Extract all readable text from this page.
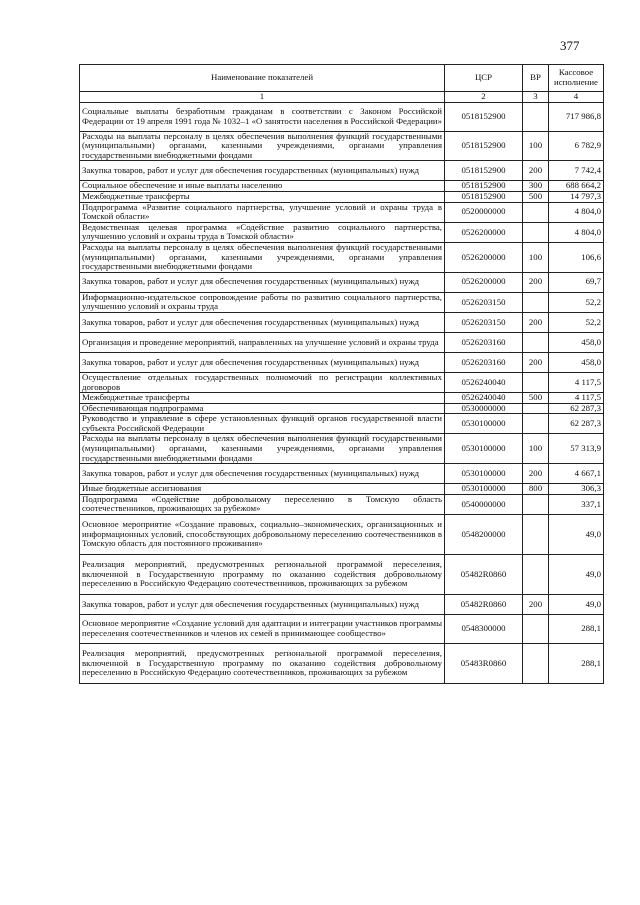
377
Наименование показателей	ЦСР	ВР	Кассовое исполнение
1	2	3	4
Социальные выплаты безработным гражданам в соответствии с Законом Российской Федерации от 19 апреля 1991 года № 1032–1 «О занятости населения в Российской Федерации»	0518152900		717 986,8
Расходы на выплаты персоналу в целях обеспечения выполнения функций государственными (муниципальными) органами, казенными учреждениями, органами управления государственными внебюджетными фондами	0518152900	100	6 782,9
Закупка товаров, работ и услуг для обеспечения государственных (муниципальных) нужд	0518152900	200	7 742,4
Социальное обеспечение и иные выплаты населению	0518152900	300	688 664,2
Межбюджетные трансферты	0518152900	500	14 797,3
Подпрограмма «Развитие социального партнерства, улучшение условий и охраны труда в Томской области»	0520000000		4 804,0
Ведомственная целевая программа «Содействие развитию социального партнерства, улучшению условий и охраны труда в Томской области»	0526200000		4 804,0
Расходы на выплаты персоналу в целях обеспечения выполнения функций государственными (муниципальными) органами, казенными учреждениями, органами управления государственными внебюджетными фондами	0526200000	100	106,6
Закупка товаров, работ и услуг для обеспечения государственных (муниципальных) нужд	0526200000	200	69,7
Информационно-издательское сопровождение работы по развитию социального партнерства, улучшению условий и охраны труда	0526203150		52,2
Закупка товаров, работ и услуг для обеспечения государственных (муниципальных) нужд	0526203150	200	52,2
Организация и проведение мероприятий, направленных на улучшение условий и охраны труда	0526203160		458,0
Закупка товаров, работ и услуг для обеспечения государственных (муниципальных) нужд	0526203160	200	458,0
Осуществление отдельных государственных полномочий по регистрации коллективных договоров	0526240040		4 117,5
Межбюджетные трансферты	0526240040	500	4 117,5
Обеспечивающая подпрограмма	0530000000		62 287,3
Руководство и управление в сфере установленных функций органов государственной власти субъекта Российской Федерации	0530100000		62 287,3
Расходы на выплаты персоналу в целях обеспечения выполнения функций государственными (муниципальными) органами, казенными учреждениями, органами управления государственными внебюджетными фондами	0530100000	100	57 313,9
Закупка товаров, работ и услуг для обеспечения государственных (муниципальных) нужд	0530100000	200	4 667,1
Иные бюджетные ассигнования	0530100000	800	306,3
Подпрограмма «Содействие добровольному переселению в Томскую область соотечественников, проживающих за рубежом»	0540000000		337,1
Основное мероприятие «Создание правовых, социально–экономических, организационных и информационных условий, способствующих добровольному переселению соотечественников в Томскую область для постоянного проживания»	0548200000		49,0
Реализация мероприятий, предусмотренных региональной программой переселения, включенной в Государственную программу по оказанию содействия добровольному переселению в Российскую Федерацию соотечественников, проживающих за рубежом	05482R0860		49,0
Закупка товаров, работ и услуг для обеспечения государственных (муниципальных) нужд	05482R0860	200	49,0
Основное мероприятие «Создание условий для адаптации и интеграции участников программы переселения соотечественников и членов их семей в принимающее сообщество»	0548300000		288,1
Реализация мероприятий, предусмотренных региональной программой переселения, включенной в Государственную программу по оказанию содействия добровольному переселению в Российскую Федерацию соотечественников, проживающих за рубежом	05483R0860		288,1
